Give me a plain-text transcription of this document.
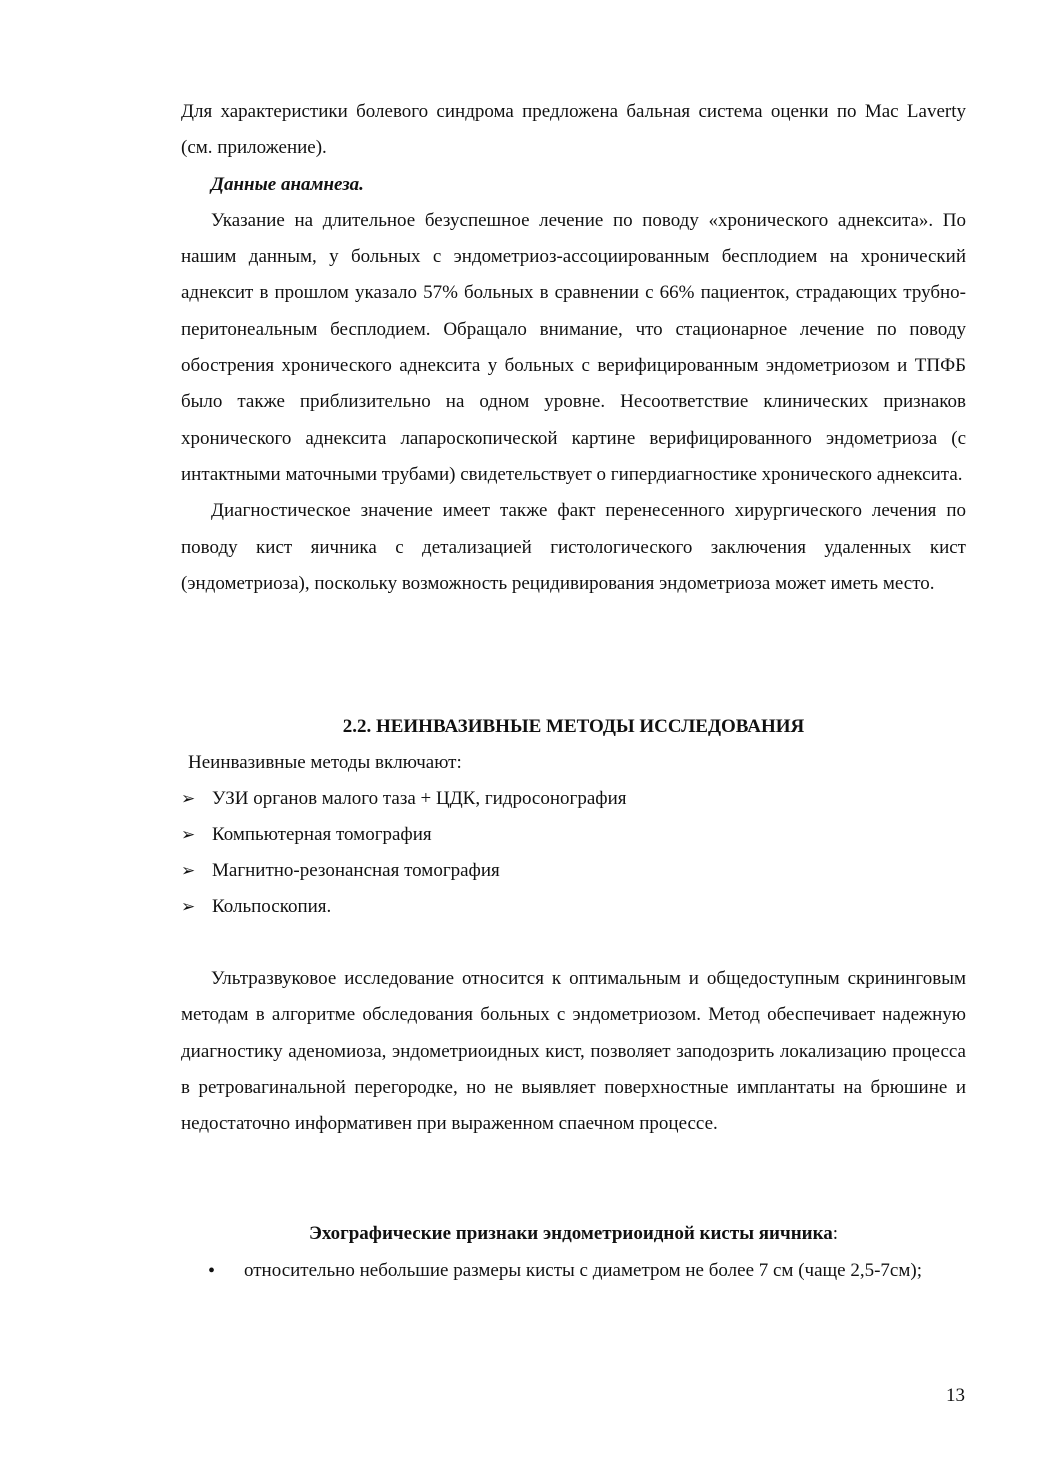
Для характеристики болевого синдрома предложена бальная система оценки по Mac Laverty (см. приложение).

Данные анамнеза.

Указание на длительное безуспешное лечение по поводу «хронического аднексита». По нашим данным, у больных с эндометриоз-ассоциированным бесплодием на хронический аднексит в прошлом указало 57% больных в сравнении с 66% пациенток, страдающих трубно-перитонеальным бесплодием. Обращало внимание, что стационарное лечение по поводу обострения хронического аднексита у больных с верифицированным эндометриозом и ТПФБ было также приблизительно на одном уровне. Несоответствие клинических признаков хронического аднексита лапароскопической картине верифицированного эндометриоза (с интактными маточными трубами) свидетельствует о гипердиагностике хронического аднексита.

Диагностическое значение имеет также факт перенесенного хирургического лечения по поводу кист яичника с детализацией гистологического заключения удаленных кист (эндометриоза), поскольку возможность рецидивирования эндометриоза может иметь место.

2.2. НЕИНВАЗИВНЫЕ МЕТОДЫ ИССЛЕДОВАНИЯ

Неинвазивные методы включают:

➢ УЗИ органов малого таза + ЦДК, гидросонография
➢ Компьютерная томография
➢ Магнитно-резонансная томография
➢ Кольпоскопия.

Ультразвуковое исследование относится к оптимальным и общедоступным скрининговым методам в алгоритме обследования больных с эндометриозом. Метод обеспечивает надежную диагностику аденомиоза, эндометриоидных кист, позволяет заподозрить локализацию процесса в ретровагинальной перегородке, но не выявляет поверхностные имплантаты на брюшине и недостаточно информативен при выраженном спаечном процессе.

Эхографические признаки эндометриоидной кисты яичника:

•	относительно небольшие размеры кисты с диаметром не более 7 см (чаще 2,5-7см);

13
